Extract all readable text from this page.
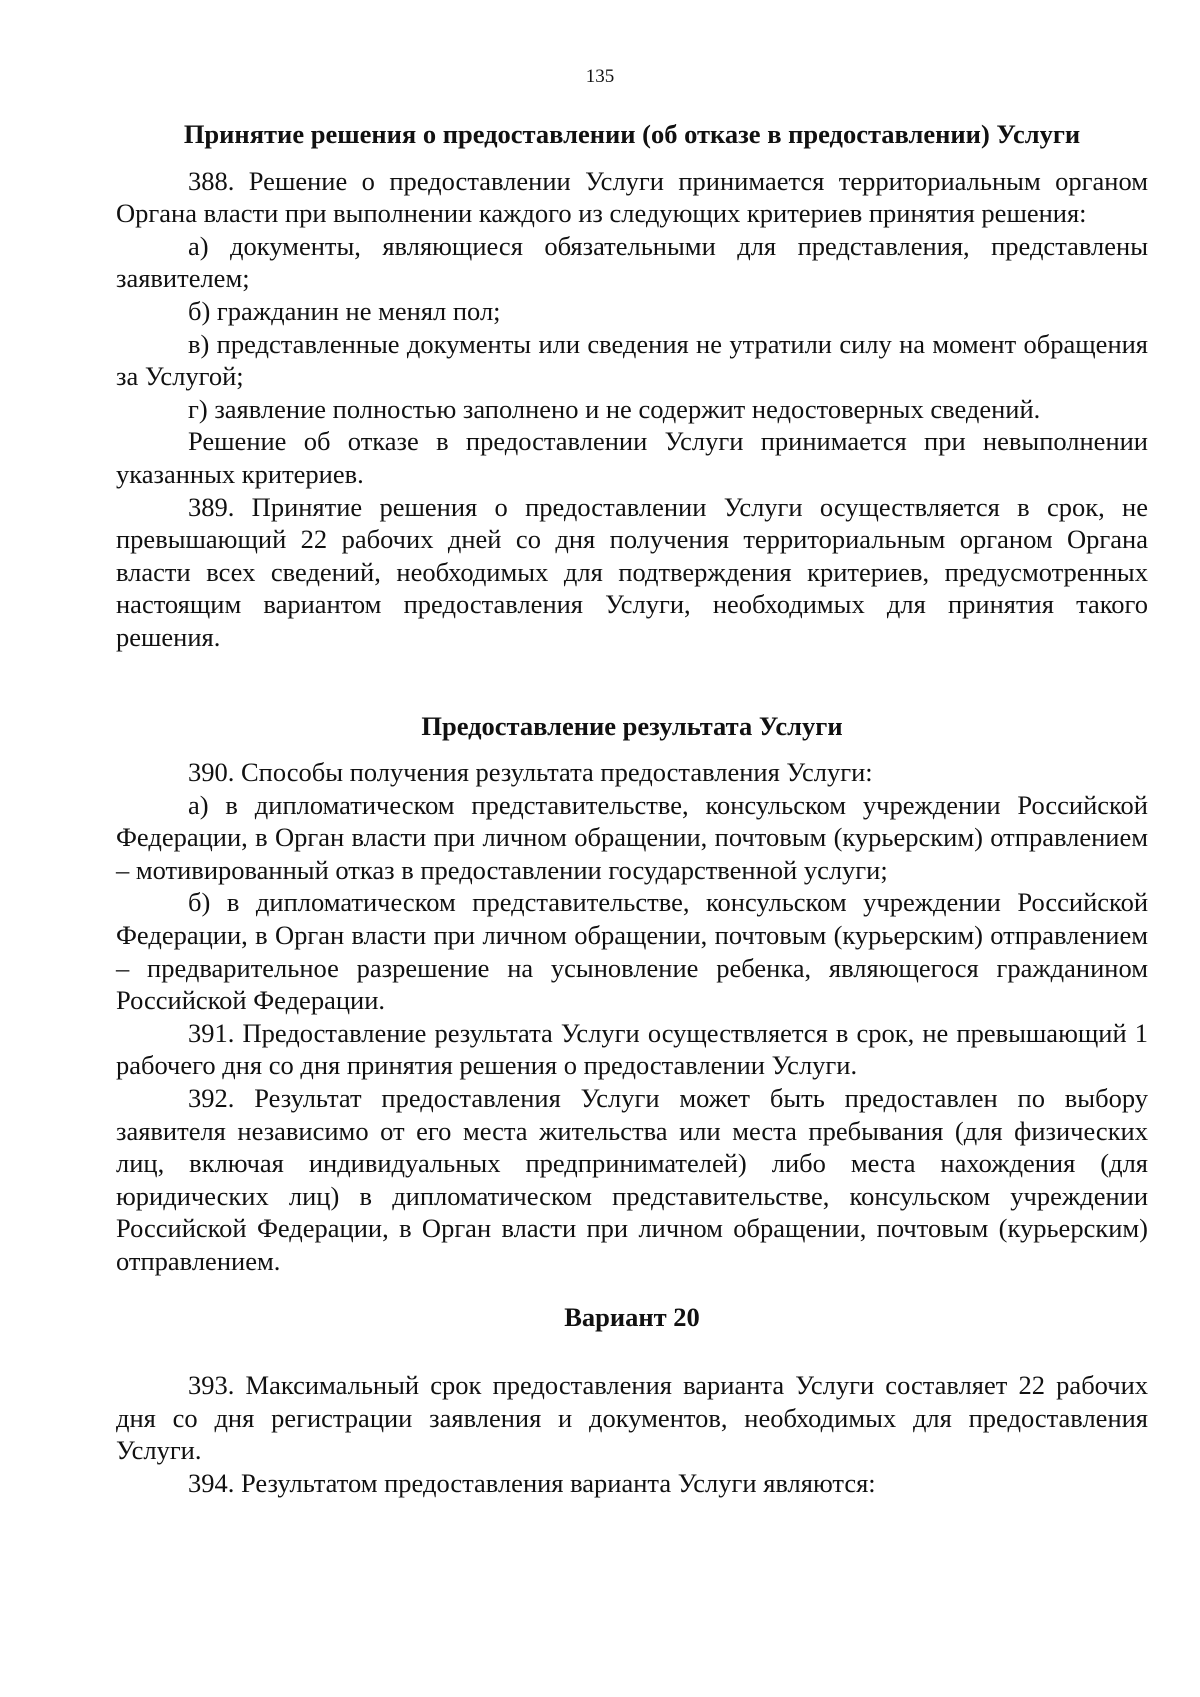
135
Принятие решения о предоставлении (об отказе в предоставлении) Услуги

388. Решение о предоставлении Услуги принимается территориальным органом Органа власти при выполнении каждого из следующих критериев принятия решения:

а) документы, являющиеся обязательными для представления, представлены заявителем;

б) гражданин не менял пол;

в) представленные документы или сведения не утратили силу на момент обращения за Услугой;

г) заявление полностью заполнено и не содержит недостоверных сведений.

Решение об отказе в предоставлении Услуги принимается при невыполнении указанных критериев.

389. Принятие решения о предоставлении Услуги осуществляется в срок, не превышающий 22 рабочих дней со дня получения территориальным органом Органа власти всех сведений, необходимых для подтверждения критериев, предусмотренных настоящим вариантом предоставления Услуги, необходимых для принятия такого решения.

Предоставление результата Услуги

390. Способы получения результата предоставления Услуги:

а) в дипломатическом представительстве, консульском учреждении Российской Федерации, в Орган власти при личном обращении, почтовым (курьерским) отправлением – мотивированный отказ в предоставлении государственной услуги;

б) в дипломатическом представительстве, консульском учреждении Российской Федерации, в Орган власти при личном обращении, почтовым (курьерским) отправлением – предварительное разрешение на усыновление ребенка, являющегося гражданином Российской Федерации.

391. Предоставление результата Услуги осуществляется в срок, не превышающий 1 рабочего дня со дня принятия решения о предоставлении Услуги.

392. Результат предоставления Услуги может быть предоставлен по выбору заявителя независимо от его места жительства или места пребывания (для физических лиц, включая индивидуальных предпринимателей) либо места нахождения (для юридических лиц) в дипломатическом представительстве, консульском учреждении Российской Федерации, в Орган власти при личном обращении, почтовым (курьерским) отправлением.

Вариант 20

393. Максимальный срок предоставления варианта Услуги составляет 22 рабочих дня со дня регистрации заявления и документов, необходимых для предоставления Услуги.

394. Результатом предоставления варианта Услуги являются:
